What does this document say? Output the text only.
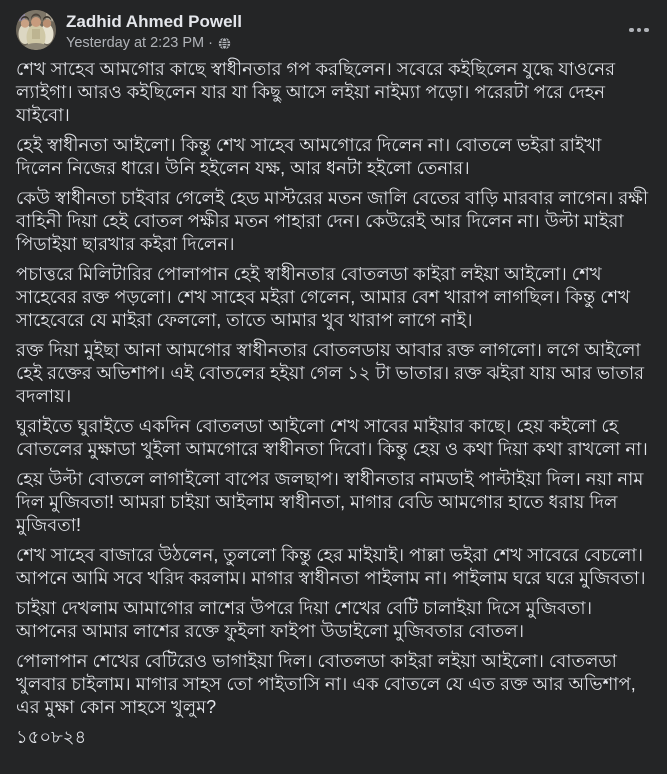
Zadhid Ahmed Powell
Yesterday at 2:23 PM ·

শেখ সাহেব আমগোর কাছে স্বাধীনতার গপ করছিলেন। সবেরে কইছিলেন যুদ্ধে যাওনের ল্যাইগা। আরও কইছিলেন যার যা কিছু আসে লইয়া নাইম্যা পড়ো। পরেরটা পরে দেহন যাইবো।

হেই স্বাধীনতা আইলো। কিন্তু শেখ সাহেব আমগোরে দিলেন না। বোতলে ভইরা রাইখা দিলেন নিজের ধারে। উনি হইলেন যক্ষ, আর ধনটা হইলো তেনার।

কেউ স্বাধীনতা চাইবার গেলেই হেড মাস্টরের মতন জালি বেতের বাড়ি মারবার লাগেন। রক্ষী বাহিনী দিয়া হেই বোতল পক্ষীর মতন পাহারা দেন। কেউরেই আর দিলেন না। উল্টা মাইরা পিডাইয়া ছারখার কইরা দিলেন।

পচাত্তরে মিলিটারির পোলাপান হেই স্বাধীনতার বোতলডা কাইরা লইয়া আইলো। শেখ সাহেবের রক্ত পড়লো। শেখ সাহেব মইরা গেলেন, আমার বেশ খারাপ লাগছিল। কিন্তু শেখ সাহেবেরে যে মাইরা ফেললো, তাতে আমার খুব খারাপ লাগে নাই।

রক্ত দিয়া মুইছা আনা আমগোর স্বাধীনতার বোতলডায় আবার রক্ত লাগলো। লগে আইলো হেই রক্তের অভিশাপ। এই বোতলের হইয়া গেল ১২ টা ভাতার। রক্ত ঝইরা যায় আর ভাতার বদলায়।

ঘুরাইতে ঘুরাইতে একদিন বোতলডা আইলো শেখ সাবের মাইয়ার কাছে। হেয় কইলো হে বোতলের মুক্ষাডা খুইলা আমগোরে স্বাধীনতা দিবো। কিন্তু হেয় ও কথা দিয়া কথা রাখলো না।

হেয় উল্টা বোতলে লাগাইলো বাপের জলছাপ। স্বাধীনতার নামডাই পাল্টাইয়া দিল। নয়া নাম দিল মুজিবতা! আমরা চাইয়া আইলাম স্বাধীনতা, মাগার বেডি আমগোর হাতে ধরায় দিল মুজিবতা!

শেখ সাহেব বাজারে উঠলেন, তুললো কিন্তু হের মাইয়াই। পাল্লা ভইরা শেখ সাবেরে বেচলো। আপনে আমি সবে খরিদ করলাম। মাগার স্বাধীনতা পাইলাম না। পাইলাম ঘরে ঘরে মুজিবতা।

চাইয়া দেখলাম আমাগোর লাশের উপরে দিয়া শেখের বেটি চালাইয়া দিসে মুজিবতা। আপনের আমার লাশের রক্তে ফুইলা ফাইপা উডাইলো মুজিবতার বোতল।

পোলাপান শেখের বেটিরেও ভাগাইয়া দিল। বোতলডা কাইরা লইয়া আইলো। বোতলডা খুলবার চাইলাম। মাগার সাহস তো পাইতাসি না। এক বোতলে যে এত রক্ত আর অভিশাপ, এর মুক্ষা কোন সাহসে খুলুম?

১৫০৮২৪
